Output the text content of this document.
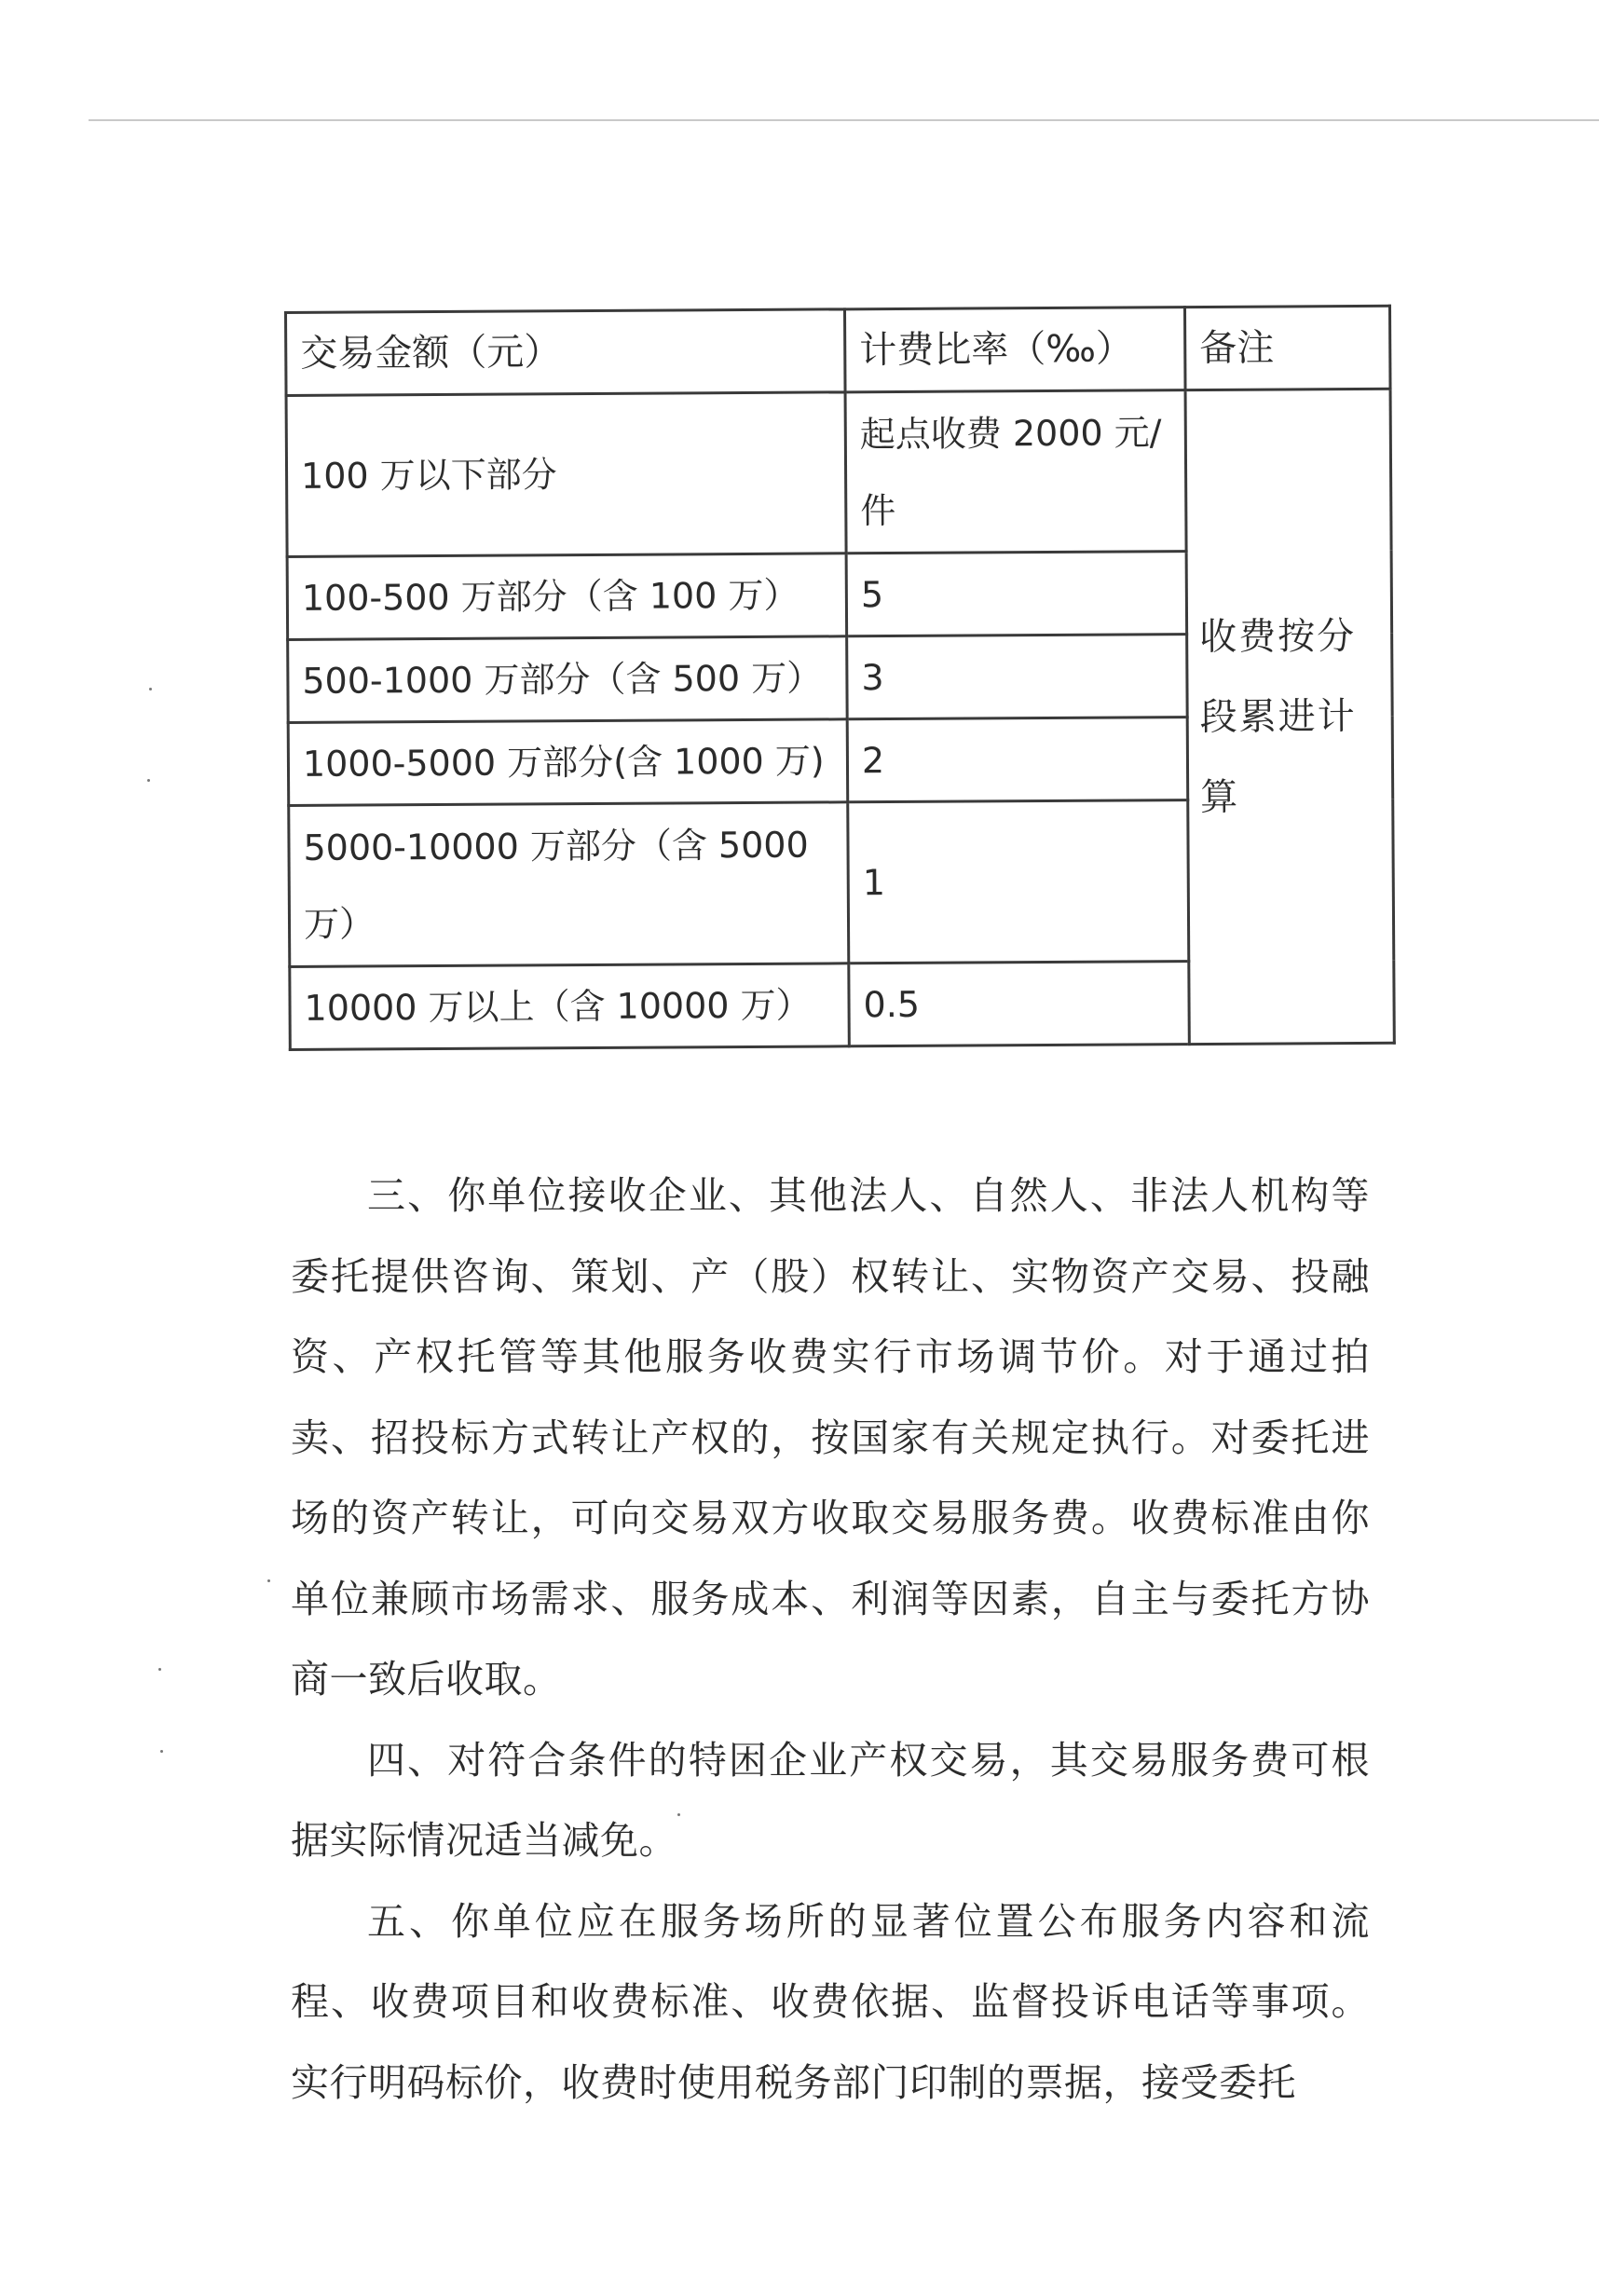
交易金额（元）	计费比率（‰）	备注
100 万以下部分	起点收费 2000 元/件	收费按分段累进计算
100-500 万部分（含 100 万）	5	
500-1000 万部分（含 500 万）	3	
1000-5000 万部分(含 1000 万)	2	
5000-10000 万部分（含 5000 万）	1	
10000 万以上（含 10000 万）	0.5	

三、你单位接收企业、其他法人、自然人、非法人机构等委托提供咨询、策划、产（股）权转让、实物资产交易、投融资、产权托管等其他服务收费实行市场调节价。对于通过拍卖、招投标方式转让产权的，按国家有关规定执行。对委托进场的资产转让，可向交易双方收取交易服务费。收费标准由你单位兼顾市场需求、服务成本、利润等因素，自主与委托方协商一致后收取。

四、对符合条件的特困企业产权交易，其交易服务费可根据实际情况适当减免。

五、你单位应在服务场所的显著位置公布服务内容和流程、收费项目和收费标准、收费依据、监督投诉电话等事项。实行明码标价，收费时使用税务部门印制的票据，接受委托
